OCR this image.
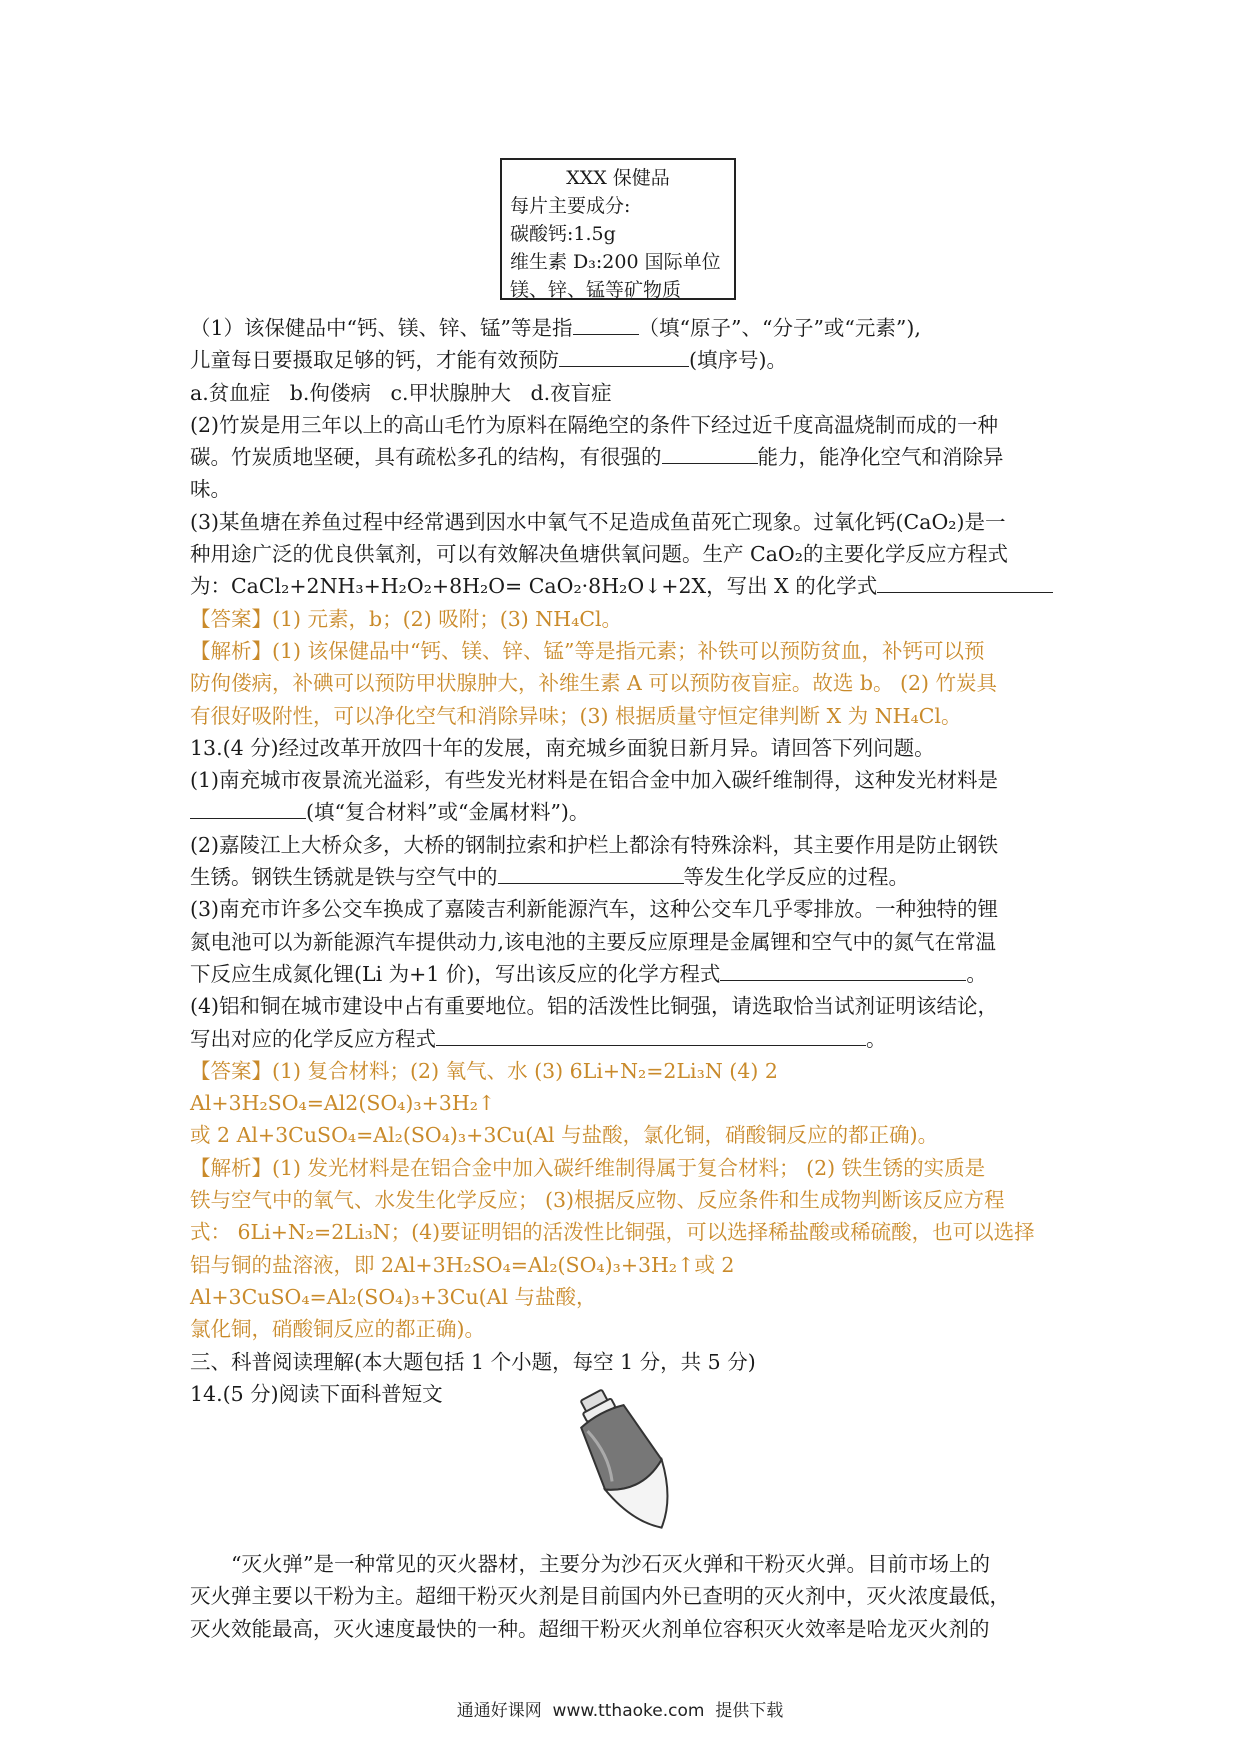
XXX 保健品
每片主要成分:
碳酸钙:1.5g
维生素 D₃:200 国际单位
镁、锌、锰等矿物质

（1）该保健品中“钙、镁、锌、锰”等是指	（填“原子”、“分子”或“元素”),

儿童每日要摄取足够的钙，才能有效预防	(填序号)。

a.贫血症   b.佝偻病   c.甲状腺肿大   d.夜盲症

(2)竹炭是用三年以上的高山毛竹为原料在隔绝空的条件下经过近千度高温烧制而成的一种

碳。竹炭质地坚硬，具有疏松多孔的结构，有很强的	能力，能净化空气和消除异

味。

(3)某鱼塘在养鱼过程中经常遇到因水中氧气不足造成鱼苗死亡现象。过氧化钙(CaO₂)是一

种用途广泛的优良供氧剂，可以有效解决鱼塘供氧问题。生产 CaO₂的主要化学反应方程式

为：CaCl₂+2NH₃+H₂O₂+8H₂O= CaO₂·8H₂O↓+2X，写出 X 的化学式

【答案】(1) 元素，b；(2) 吸附；(3) NH₄Cl。

【解析】(1) 该保健品中“钙、镁、锌、锰”等是指元素；补铁可以预防贫血，补钙可以预

防佝偻病，补碘可以预防甲状腺肿大，补维生素 A 可以预防夜盲症。故选 b。 (2) 竹炭具

有很好吸附性，可以净化空气和消除异味；(3) 根据质量守恒定律判断 X 为 NH₄Cl。

13.(4 分)经过改革开放四十年的发展，南充城乡面貌日新月异。请回答下列问题。

(1)南充城市夜景流光溢彩，有些发光材料是在铝合金中加入碳纤维制得，这种发光材料是

(填“复合材料”或“金属材料”)。

(2)嘉陵江上大桥众多，大桥的钢制拉索和护栏上都涂有特殊涂料，其主要作用是防止钢铁

生锈。钢铁生锈就是铁与空气中的	等发生化学反应的过程。

(3)南充市许多公交车换成了嘉陵吉利新能源汽车，这种公交车几乎零排放。一种独特的锂

氮电池可以为新能源汽车提供动力,该电池的主要反应原理是金属锂和空气中的氮气在常温

下反应生成氮化锂(Li 为+1 价)，写出该反应的化学方程式	。

(4)铝和铜在城市建设中占有重要地位。铝的活泼性比铜强，请选取恰当试剂证明该结论，

写出对应的化学反应方程式	。

【答案】(1) 复合材料；(2) 氧气、水 (3) 6Li+N₂=2Li₃N (4) 2 Al+3H₂SO₄=Al2(SO₄)₃+3H₂↑

或 2 Al+3CuSO₄=Al₂(SO₄)₃+3Cu(Al 与盐酸，氯化铜，硝酸铜反应的都正确)。

【解析】(1) 发光材料是在铝合金中加入碳纤维制得属于复合材料； (2) 铁生锈的实质是

铁与空气中的氧气、水发生化学反应； (3)根据反应物、反应条件和生成物判断该反应方程

式： 6Li+N₂=2Li₃N；(4)要证明铝的活泼性比铜强，可以选择稀盐酸或稀硫酸，也可以选择

铝与铜的盐溶液，即 2Al+3H₂SO₄=Al₂(SO₄)₃+3H₂↑或 2 Al+3CuSO₄=Al₂(SO₄)₃+3Cu(Al 与盐酸，

氯化铜，硝酸铜反应的都正确)。

三、科普阅读理解(本大题包括 1 个小题，每空 1 分，共 5 分)

14.(5 分)阅读下面科普短文

“灭火弹”是一种常见的灭火器材，主要分为沙石灭火弹和干粉灭火弹。目前市场上的

灭火弹主要以干粉为主。超细干粉灭火剂是目前国内外已查明的灭火剂中，灭火浓度最低，

灭火效能最高，灭火速度最快的一种。超细干粉灭火剂单位容积灭火效率是哈龙灭火剂的

通通好课网  www.tthaoke.com  提供下载
